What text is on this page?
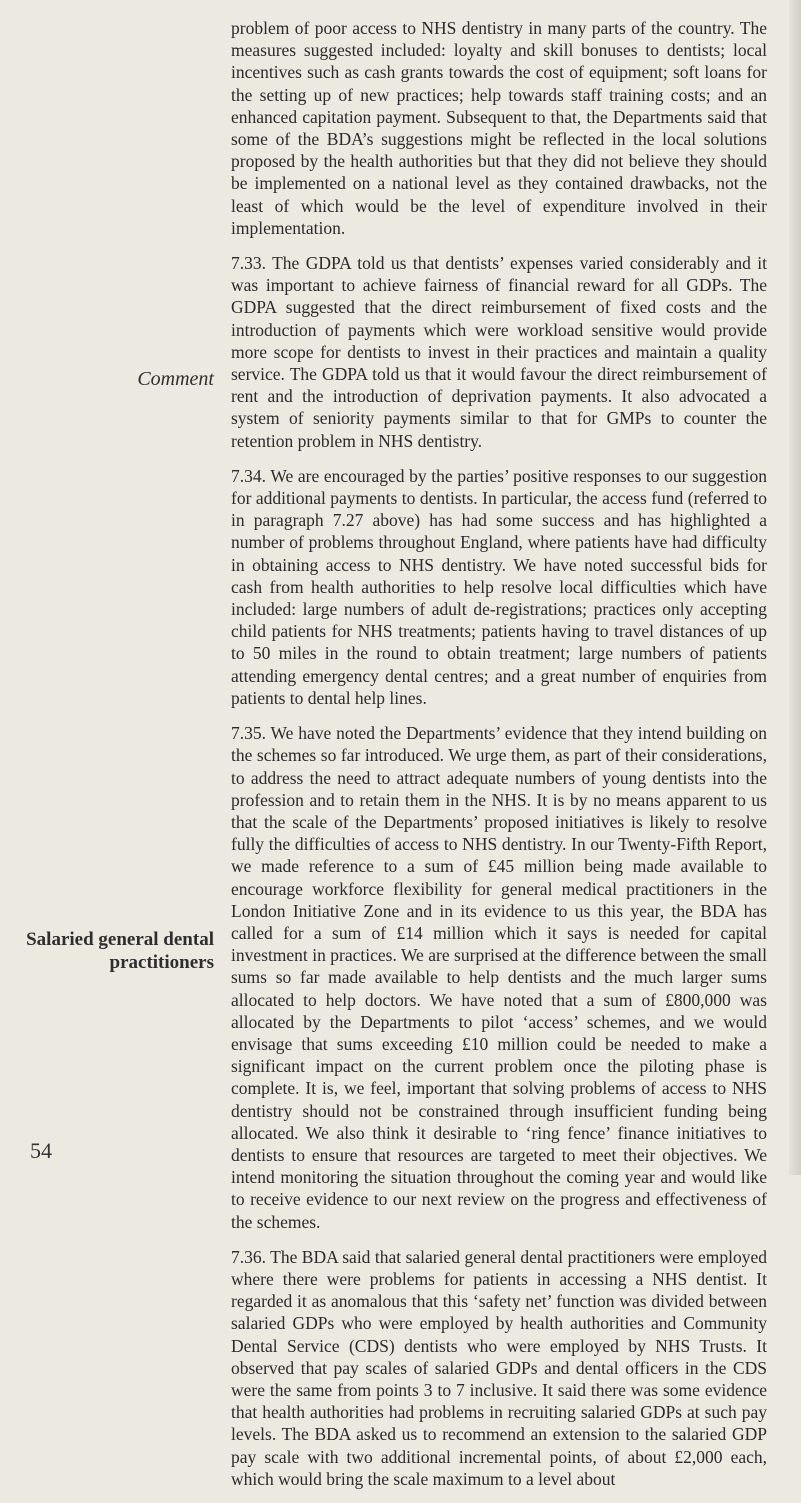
Comment
Salaried general dental
practitioners
54

problem of poor access to NHS dentistry in many parts of the country. The measures suggested included: loyalty and skill bonuses to dentists; local incentives such as cash grants towards the cost of equipment; soft loans for the setting up of new practices; help towards staff training costs; and an enhanced capitation payment. Subsequent to that, the Departments said that some of the BDA’s suggestions might be reflected in the local solutions proposed by the health authorities but that they did not believe they should be implemented on a national level as they contained drawbacks, not the least of which would be the level of expenditure involved in their implementation.

7.33. The GDPA told us that dentists’ expenses varied considerably and it was important to achieve fairness of financial reward for all GDPs. The GDPA suggested that the direct reimbursement of fixed costs and the introduction of payments which were workload sensitive would provide more scope for dentists to invest in their practices and maintain a quality service. The GDPA told us that it would favour the direct reimbursement of rent and the introduction of deprivation payments. It also advocated a system of seniority payments similar to that for GMPs to counter the retention problem in NHS dentistry.

7.34. We are encouraged by the parties’ positive responses to our suggestion for additional payments to dentists. In particular, the access fund (referred to in paragraph 7.27 above) has had some success and has highlighted a number of problems throughout England, where patients have had difficulty in obtaining access to NHS dentistry. We have noted successful bids for cash from health authorities to help resolve local difficulties which have included: large numbers of adult de-registrations; practices only accepting child patients for NHS treatments; patients having to travel distances of up to 50 miles in the round to obtain treatment; large numbers of patients attending emergency dental centres; and a great number of enquiries from patients to dental help lines.

7.35. We have noted the Departments’ evidence that they intend building on the schemes so far introduced. We urge them, as part of their considerations, to address the need to attract adequate numbers of young dentists into the profession and to retain them in the NHS. It is by no means apparent to us that the scale of the Departments’ proposed initiatives is likely to resolve fully the difficulties of access to NHS dentistry. In our Twenty-Fifth Report, we made reference to a sum of £45 million being made available to encourage workforce flexibility for general medical practitioners in the London Initiative Zone and in its evidence to us this year, the BDA has called for a sum of £14 million which it says is needed for capital investment in practices. We are surprised at the difference between the small sums so far made available to help dentists and the much larger sums allocated to help doctors. We have noted that a sum of £800,000 was allocated by the Departments to pilot ‘access’ schemes, and we would envisage that sums exceeding £10 million could be needed to make a significant impact on the current problem once the piloting phase is complete. It is, we feel, important that solving problems of access to NHS dentistry should not be constrained through insufficient funding being allocated. We also think it desirable to ‘ring fence’ finance initiatives to dentists to ensure that resources are targeted to meet their objectives. We intend monitoring the situation throughout the coming year and would like to receive evidence to our next review on the progress and effectiveness of the schemes.

7.36. The BDA said that salaried general dental practitioners were employed where there were problems for patients in accessing a NHS dentist. It regarded it as anomalous that this ‘safety net’ function was divided between salaried GDPs who were employed by health authorities and Community Dental Service (CDS) dentists who were employed by NHS Trusts. It observed that pay scales of salaried GDPs and dental officers in the CDS were the same from points 3 to 7 inclusive. It said there was some evidence that health authorities had problems in recruiting salaried GDPs at such pay levels. The BDA asked us to recommend an extension to the salaried GDP pay scale with two additional incremental points, of about £2,000 each, which would bring the scale maximum to a level about
